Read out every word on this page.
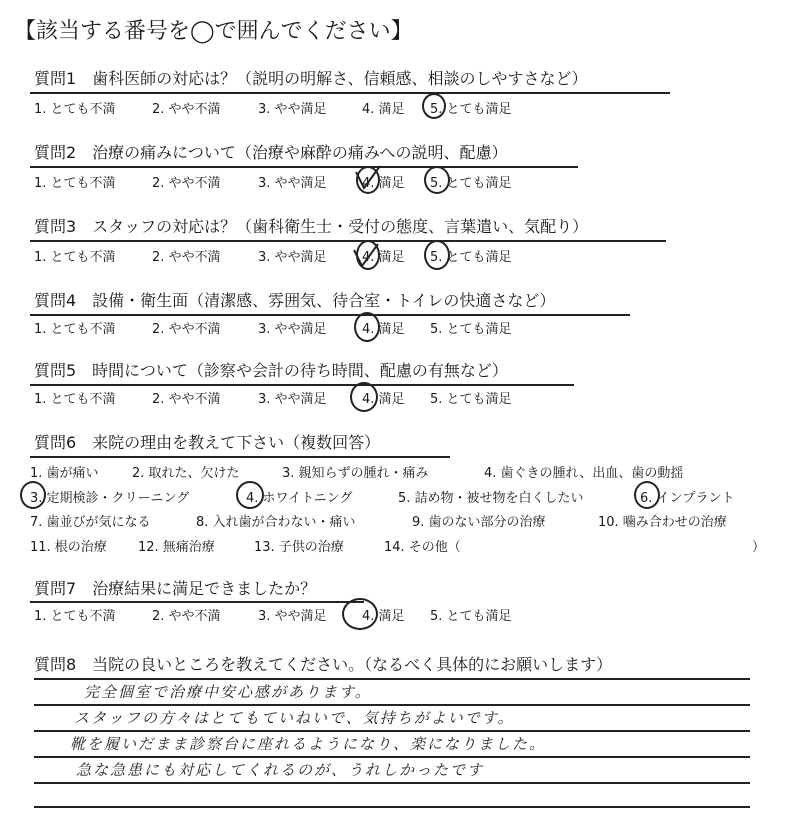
【該当する番号を◯で囲んでください】
質問1　歯科医師の対応は？（説明の明解さ、信頼感、相談のしやすさなど）
1. とても不満	2. やや不満	3. やや満足	4. 満足 5. とても満足
質問2　治療の痛みについて（治療や麻酔の痛みへの説明、配慮）
1. とても不満	2. やや不満	3. やや満足	4. 満足 5. とても満足
質問3　スタッフの対応は？（歯科衛生士・受付の態度、言葉遣い、気配り）
1. とても不満	2. やや不満	3. やや満足	4. 満足 5. とても満足
質問4　設備・衛生面（清潔感、雰囲気、待合室・トイレの快適さなど）
1. とても不満	2. やや不満	3. やや満足	4. 満足 5. とても満足
質問5　時間について（診察や会計の待ち時間、配慮の有無など）
1. とても不満	2. やや不満	3. やや満足	4. 満足 5. とても満足
質問6　来院の理由を教えて下さい（複数回答）
1. 歯が痛い	2. 取れた、欠けた	3. 親知らずの腫れ・痛み	4. 歯ぐきの腫れ、出血、歯の動揺
3. 定期検診・クリーニング	4. ホワイトニング	5. 詰め物・被せ物を白くしたい	6. インプラント
7. 歯並びが気になる	8. 入れ歯が合わない・痛い	9. 歯のない部分の治療	10. 噛み合わせの治療
11. 根の治療 12. 無痛治療	13. 子供の治療	14. その他（	）
質問7　治療結果に満足できましたか？
1. とても不満	2. やや不満	3. やや満足	4. 満足 5. とても満足
質問8　当院の良いところを教えてください。（なるべく具体的にお願いします）
完全個室で治療中安心感があります。
スタッフの方々はとてもていねいで、気持ちがよいです。
靴を履いだまま診察台に座れるようになり、楽になりました。
急な急患にも対応してくれるのが、うれしかったです
